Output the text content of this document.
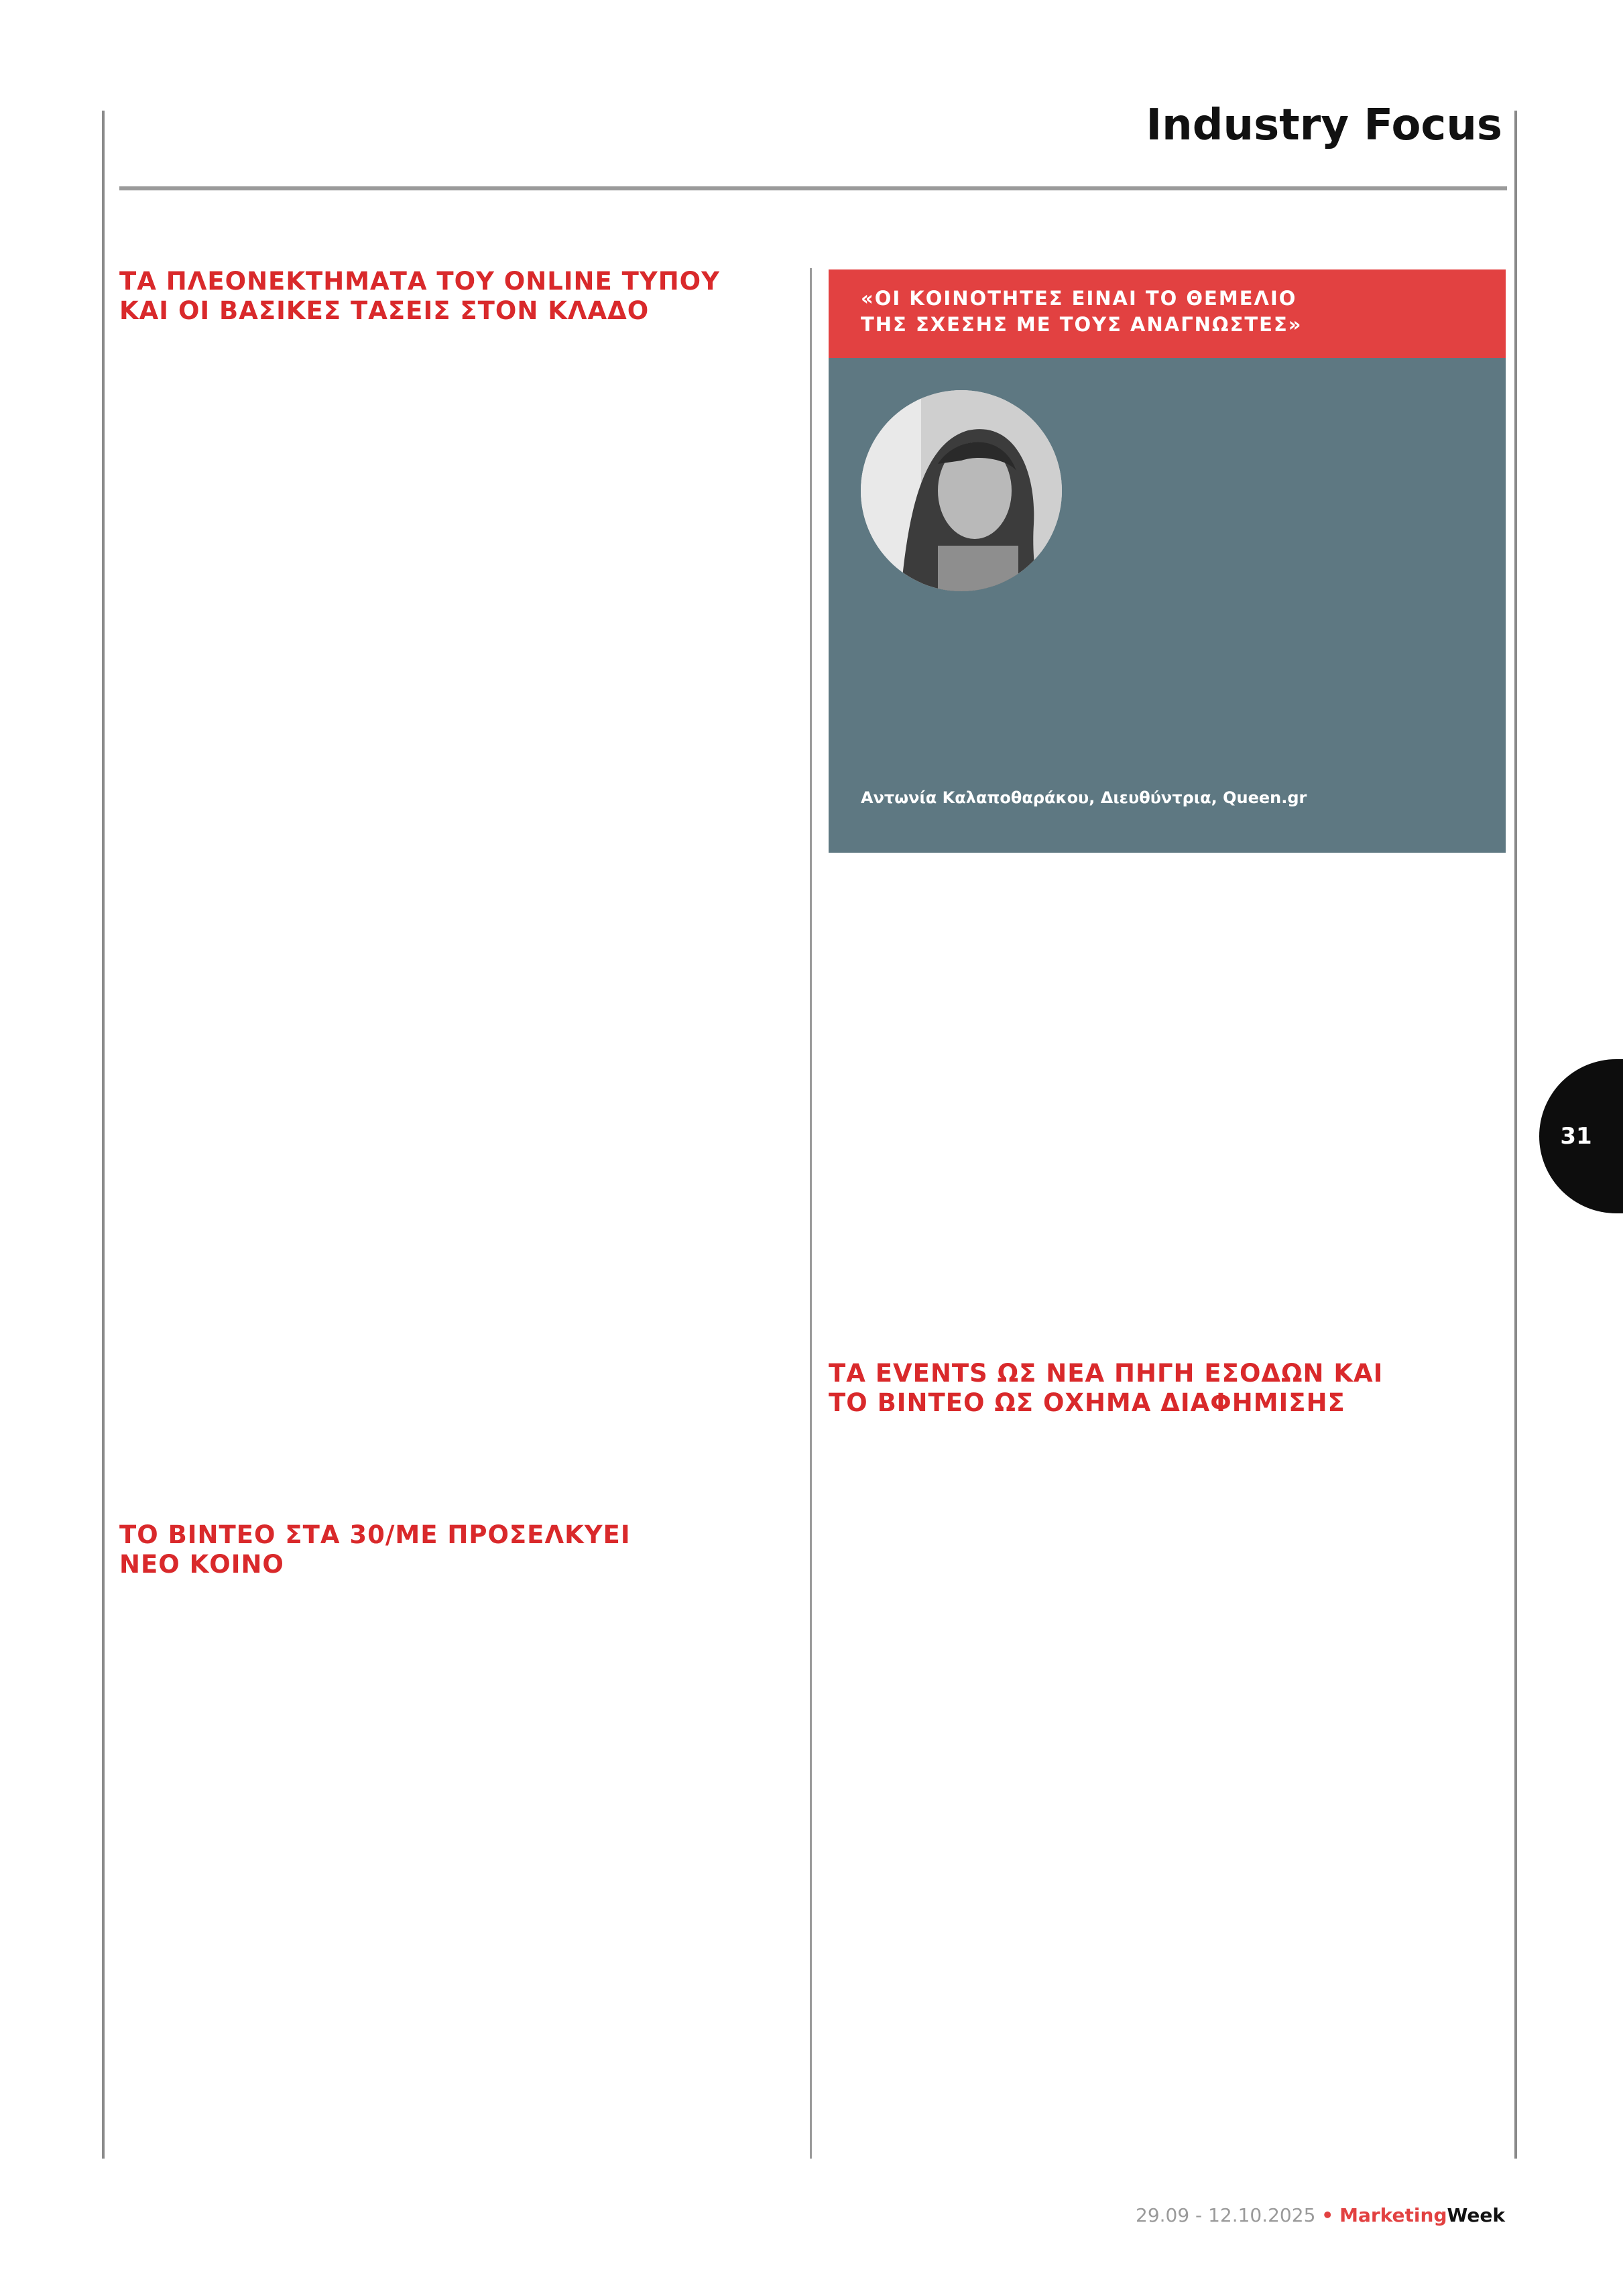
Industry Focus
ΤΑ ΠΛΕΟΝΕΚΤΗΜΑΤΑ ΤΟΥ ONLINE ΤΥΠΟΥ
ΚΑΙ ΟΙ ΒΑΣΙΚΕΣ ΤΑΣΕΙΣ ΣΤΟΝ ΚΛΑΔΟ
ΤΟ ΒΙΝΤΕΟ ΣΤΑ 30/ΜΕ ΠΡΟΣΕΛΚΥΕΙ
ΝΕΟ ΚΟΙΝΟ
«ΟΙ ΚΟΙΝΟΤΗΤΕΣ ΕΙΝΑΙ ΤΟ ΘΕΜΕΛΙΟ
ΤΗΣ ΣΧΕΣΗΣ ΜΕ ΤΟΥΣ ΑΝΑΓΝΩΣΤΕΣ»
Αντωνία Καλαποθαράκου, Διευθύντρια, Queen.gr
ΤΑ EVENTS ΩΣ ΝΕΑ ΠΗΓΗ ΕΣΟΔΩΝ ΚΑΙ
ΤΟ ΒΙΝΤΕΟ ΩΣ ΟΧΗΜΑ ΔΙΑΦΗΜΙΣΗΣ
31
29.09 - 12.10.2025 • MarketingWeek
